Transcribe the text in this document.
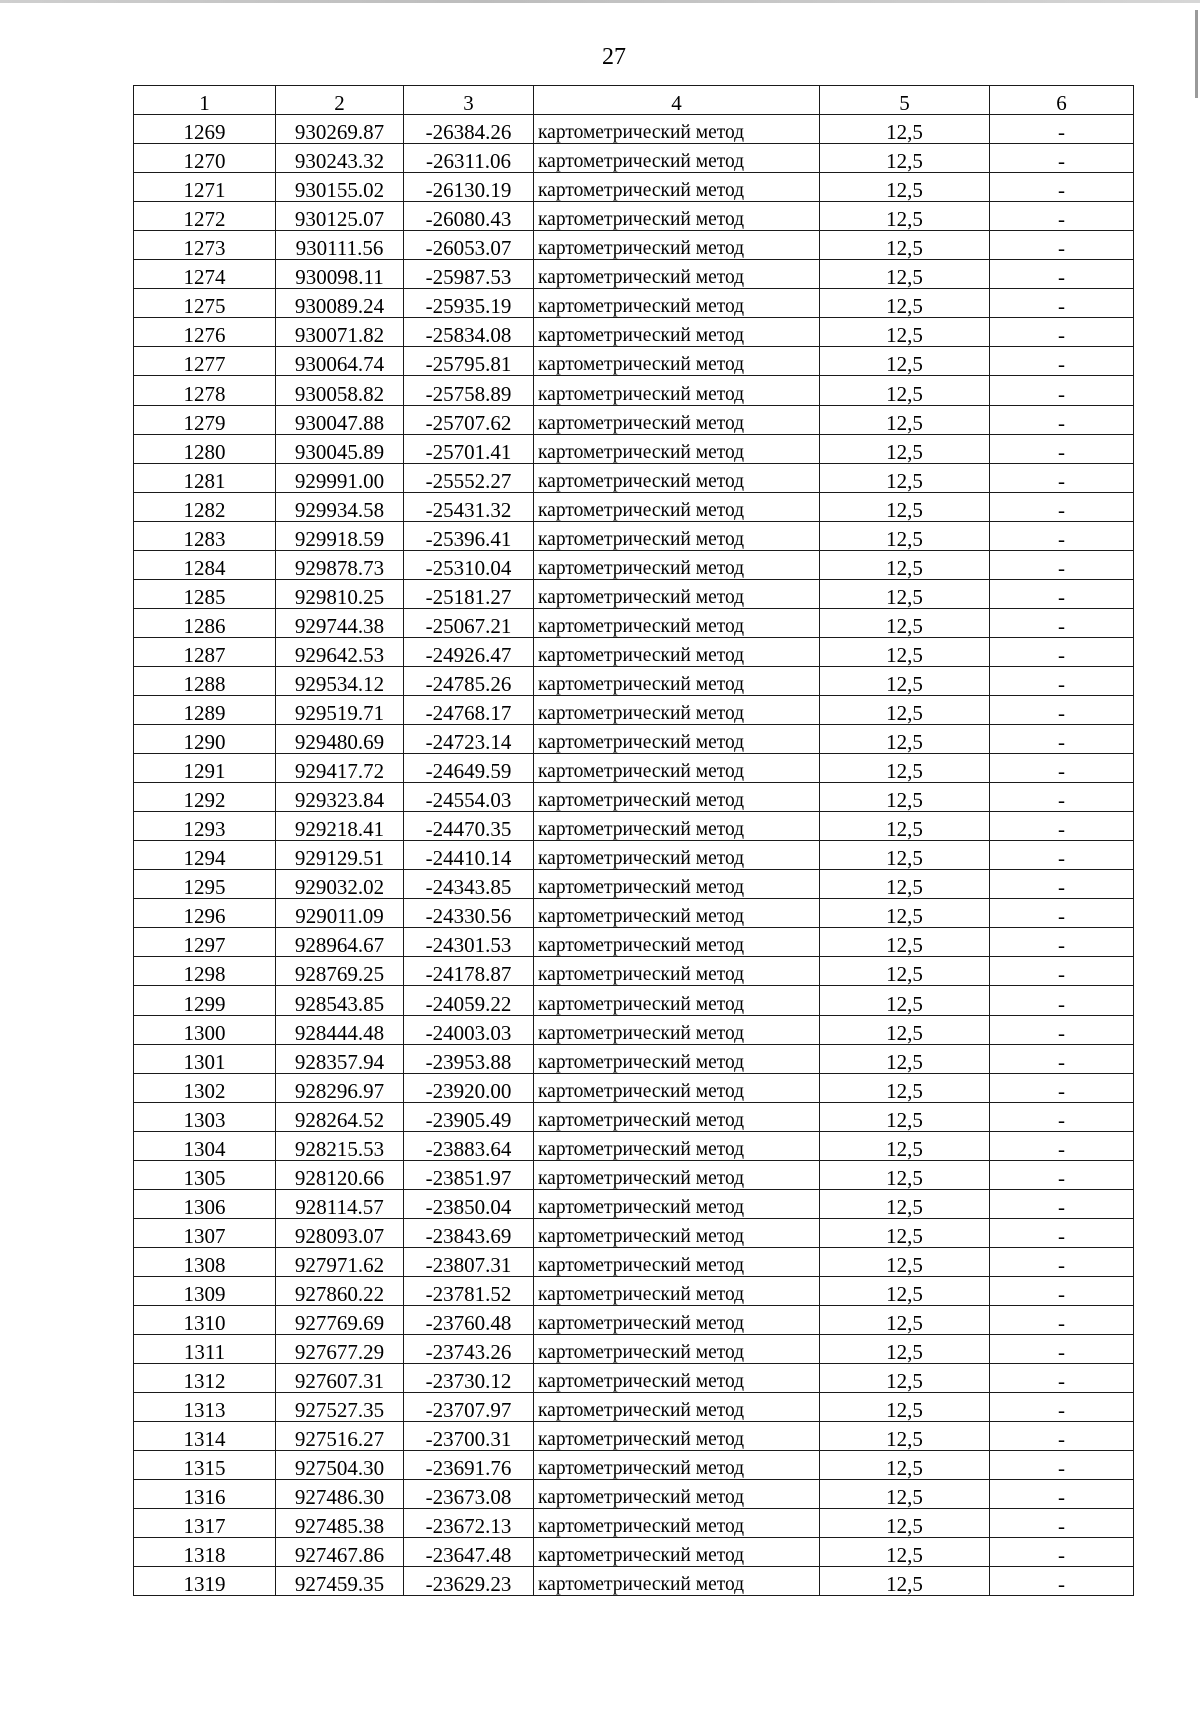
27
1	2	3	4	5	6
1269	930269.87	-26384.26	картометрический метод	12,5	-
1270	930243.32	-26311.06	картометрический метод	12,5	-
1271	930155.02	-26130.19	картометрический метод	12,5	-
1272	930125.07	-26080.43	картометрический метод	12,5	-
1273	930111.56	-26053.07	картометрический метод	12,5	-
1274	930098.11	-25987.53	картометрический метод	12,5	-
1275	930089.24	-25935.19	картометрический метод	12,5	-
1276	930071.82	-25834.08	картометрический метод	12,5	-
1277	930064.74	-25795.81	картометрический метод	12,5	-
1278	930058.82	-25758.89	картометрический метод	12,5	-
1279	930047.88	-25707.62	картометрический метод	12,5	-
1280	930045.89	-25701.41	картометрический метод	12,5	-
1281	929991.00	-25552.27	картометрический метод	12,5	-
1282	929934.58	-25431.32	картометрический метод	12,5	-
1283	929918.59	-25396.41	картометрический метод	12,5	-
1284	929878.73	-25310.04	картометрический метод	12,5	-
1285	929810.25	-25181.27	картометрический метод	12,5	-
1286	929744.38	-25067.21	картометрический метод	12,5	-
1287	929642.53	-24926.47	картометрический метод	12,5	-
1288	929534.12	-24785.26	картометрический метод	12,5	-
1289	929519.71	-24768.17	картометрический метод	12,5	-
1290	929480.69	-24723.14	картометрический метод	12,5	-
1291	929417.72	-24649.59	картометрический метод	12,5	-
1292	929323.84	-24554.03	картометрический метод	12,5	-
1293	929218.41	-24470.35	картометрический метод	12,5	-
1294	929129.51	-24410.14	картометрический метод	12,5	-
1295	929032.02	-24343.85	картометрический метод	12,5	-
1296	929011.09	-24330.56	картометрический метод	12,5	-
1297	928964.67	-24301.53	картометрический метод	12,5	-
1298	928769.25	-24178.87	картометрический метод	12,5	-
1299	928543.85	-24059.22	картометрический метод	12,5	-
1300	928444.48	-24003.03	картометрический метод	12,5	-
1301	928357.94	-23953.88	картометрический метод	12,5	-
1302	928296.97	-23920.00	картометрический метод	12,5	-
1303	928264.52	-23905.49	картометрический метод	12,5	-
1304	928215.53	-23883.64	картометрический метод	12,5	-
1305	928120.66	-23851.97	картометрический метод	12,5	-
1306	928114.57	-23850.04	картометрический метод	12,5	-
1307	928093.07	-23843.69	картометрический метод	12,5	-
1308	927971.62	-23807.31	картометрический метод	12,5	-
1309	927860.22	-23781.52	картометрический метод	12,5	-
1310	927769.69	-23760.48	картометрический метод	12,5	-
1311	927677.29	-23743.26	картометрический метод	12,5	-
1312	927607.31	-23730.12	картометрический метод	12,5	-
1313	927527.35	-23707.97	картометрический метод	12,5	-
1314	927516.27	-23700.31	картометрический метод	12,5	-
1315	927504.30	-23691.76	картометрический метод	12,5	-
1316	927486.30	-23673.08	картометрический метод	12,5	-
1317	927485.38	-23672.13	картометрический метод	12,5	-
1318	927467.86	-23647.48	картометрический метод	12,5	-
1319	927459.35	-23629.23	картометрический метод	12,5	-
